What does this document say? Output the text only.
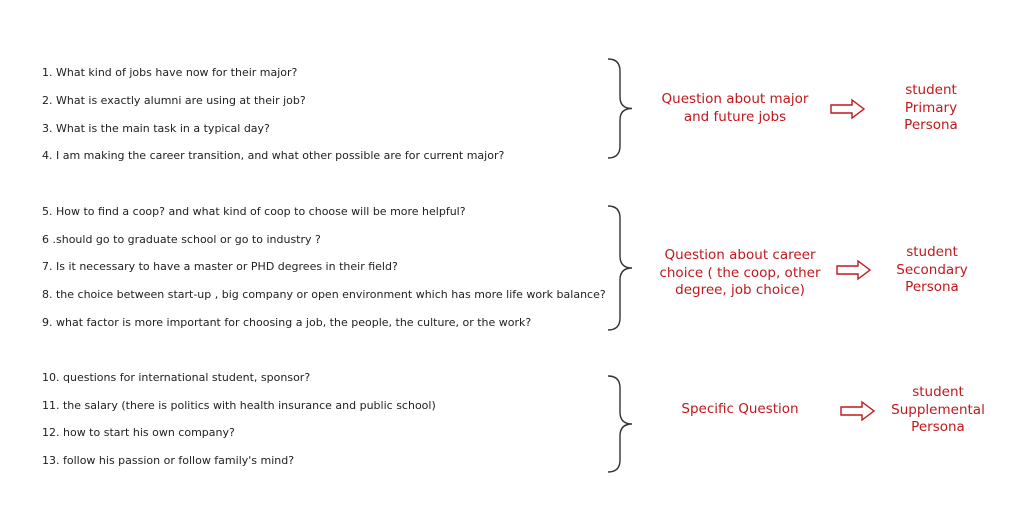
1. What kind of jobs have now for their major?
2. What is exactly alumni are using at their job?
3. What is the main task in a typical day?
4. I am making the career transition, and what other possible are for current major?
Question about major
and future jobs
student
Primary
Persona
5. How to find a coop? and what kind of coop to choose will be more helpful?
6 .should go to graduate school or go to industry ?
7. Is it necessary to have a master or PHD degrees in their field?
8. the choice between start-up , big company or open environment which has more life work balance?
9. what factor is more important for choosing a job, the people, the culture, or the work?
Question about career
choice ( the coop, other
degree, job choice)
student
Secondary
Persona
10. questions for international student, sponsor?
11. the salary (there is politics with health insurance and public school)
12. how to start his own company?
13. follow his passion or follow family's mind?
Specific Question
student
Supplemental
Persona
